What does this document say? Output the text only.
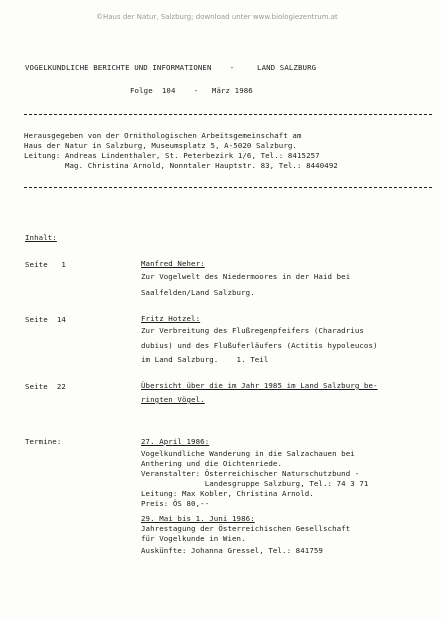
©Haus der Natur, Salzburg; download unter www.biologiezentrum.at
VOGELKUNDLICHE BERICHTE UND INFORMATIONEN    -     LAND SALZBURG
Folge  104    -   März 1986
Herausgegeben von der Ornithologischen Arbeitsgemeinschaft am
Haus der Natur in Salzburg, Museumsplatz 5, A-5020 Salzburg.
Leitung: Andreas Lindenthaler, St. Peterbezirk 1/6, Tel.: 8415257
Mag. Christina Arnold, Nonntaler Hauptstr. 83, Tel.: 8440492
Inhalt:
Seite   1	Manfred Neher:
Zur Vogelwelt des Niedermoores in der Haid bei
Saalfelden/Land Salzburg.
Seite  14	Fritz Hotzel:
Zur Verbreitung des Flußregenpfeifers (Charadrius
dubius) und des Flußuferläufers (Actitis hypoleucos)
im Land Salzburg.    1. Teil
Seite  22	Übersicht über die im Jahr 1985 im Land Salzburg be-
ringten Vögel.
Termine:	27. April 1986:
Vogelkundliche Wanderung in die Salzachauen bei
Anthering und die Oichtenriede.
Veranstalter: Österreichischer Naturschutzbund -
Landesgruppe Salzburg, Tel.: 74 3 71
Leitung: Max Kobler, Christina Arnold.
Preis: ÖS 80,--
29. Mai bis 1. Juni 1986:
Jahrestagung der Österreichischen Gesellschaft
für Vogelkunde in Wien.
Auskünfte: Johanna Gressel, Tel.: 841759
